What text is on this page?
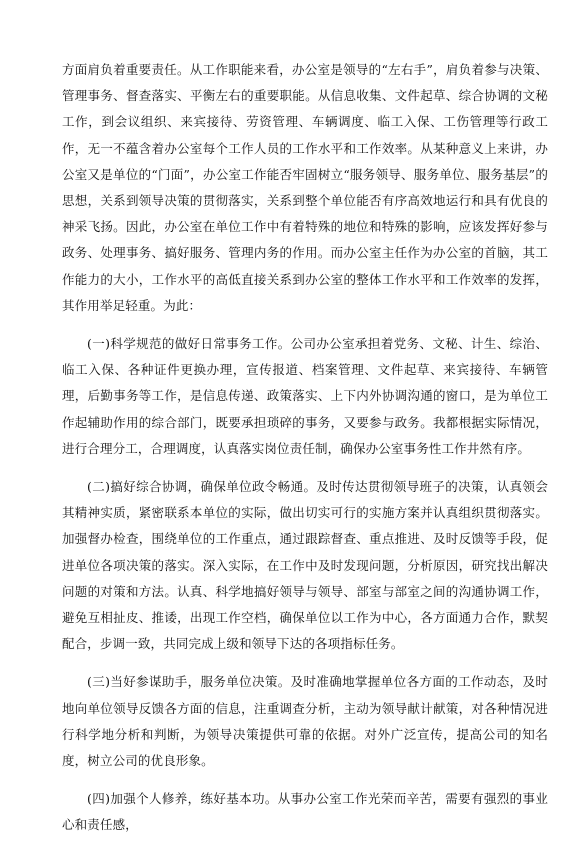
方面肩负着重要责任。从工作职能来看，办公室是领导的“左右手”，肩负着参与决策、管理事务、督查落实、平衡左右的重要职能。从信息收集、文件起草、综合协调的文秘工作，到会议组织、来宾接待、劳资管理、车辆调度、临工入保、工伤管理等行政工作，无一不蕴含着办公室每个工作人员的工作水平和工作效率。从某种意义上来讲，办公室又是单位的“门面”，办公室工作能否牢固树立“服务领导、服务单位、服务基层”的思想，关系到领导决策的贯彻落实，关系到整个单位能否有序高效地运行和具有优良的神采飞扬。因此，办公室在单位工作中有着特殊的地位和特殊的影响，应该发挥好参与政务、处理事务、搞好服务、管理内务的作用。而办公室主任作为办公室的首脑，其工作能力的大小，工作水平的高低直接关系到办公室的整体工作水平和工作效率的发挥，其作用举足轻重。为此：

(一)科学规范的做好日常事务工作。公司办公室承担着党务、文秘、计生、综治、临工入保、各种证件更换办理，宣传报道、档案管理、文件起草、来宾接待、车辆管理，后勤事务等工作，是信息传递、政策落实、上下内外协调沟通的窗口，是为单位工作起辅助作用的综合部门，既要承担琐碎的事务，又要参与政务。我都根据实际情况，进行合理分工，合理调度，认真落实岗位责任制，确保办公室事务性工作井然有序。

(二)搞好综合协调，确保单位政令畅通。及时传达贯彻领导班子的决策，认真领会其精神实质，紧密联系本单位的实际，做出切实可行的实施方案并认真组织贯彻落实。加强督办检查，围绕单位的工作重点，通过跟踪督查、重点推进、及时反馈等手段，促进单位各项决策的落实。深入实际，在工作中及时发现问题，分析原因，研究找出解决问题的对策和方法。认真、科学地搞好领导与领导、部室与部室之间的沟通协调工作，避免互相扯皮、推诿，出现工作空档，确保单位以工作为中心，各方面通力合作，默契配合，步调一致，共同完成上级和领导下达的各项指标任务。

(三)当好参谋助手，服务单位决策。及时准确地掌握单位各方面的工作动态，及时地向单位领导反馈各方面的信息，注重调查分析，主动为领导献计献策，对各种情况进行科学地分析和判断，为领导决策提供可靠的依据。对外广泛宣传，提高公司的知名度，树立公司的优良形象。

(四)加强个人修养，练好基本功。从事办公室工作光荣而辛苦，需要有强烈的事业心和责任感，
